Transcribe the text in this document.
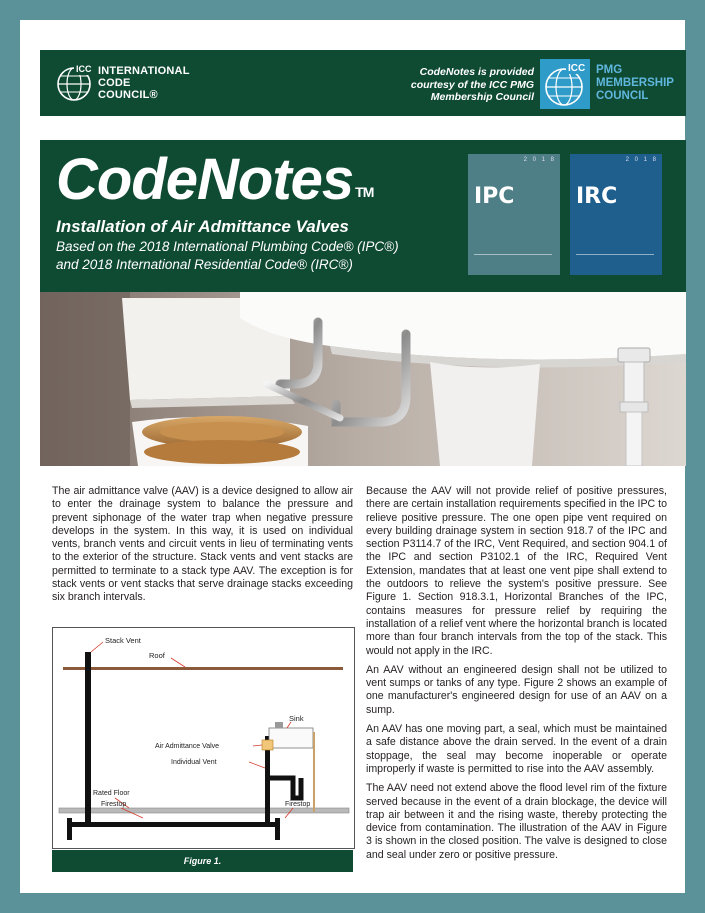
ICC INTERNATIONAL
CODE
COUNCIL®
CodeNotes is provided
courtesy of the ICC PMG
Membership Council
ICC PMG
MEMBERSHIP
COUNCIL
CodeNotes ™
Installation of Air Admittance Valves
Based on the 2018 International Plumbing Code® (IPC®)
and 2018 International Residential Code® (IRC®)
2 0 1 8
IPC
2 0 1 8
IRC

The air admittance valve (AAV) is a device designed to allow air to enter the drainage system to balance the pressure and prevent siphonage of the water trap when negative pressure develops in the system. In this way, it is used on individual vents, branch vents and circuit vents in lieu of terminating vents to the exterior of the structure. Stack vents and vent stacks are permitted to terminate to a stack type AAV. The exception is for stack vents or vent stacks that serve drainage stacks exceeding six branch intervals.

Because the AAV will not provide relief of positive pressures, there are certain installation requirements specified in the IPC to relieve positive pressure. The one open pipe vent required on every building drainage system in section 918.7 of the IPC and section P3114.7 of the IRC, Vent Required, and section 904.1 of the IPC and section P3102.1 of the IRC, Required Vent Extension, mandates that at least one vent pipe shall extend to the outdoors to relieve the system's positive pressure. See Figure 1. Section 918.3.1, Horizontal Branches of the IPC, contains measures for pressure relief by requiring the installation of a relief vent where the horizontal branch is located more than four branch intervals from the top of the stack. This would not apply in the IRC.

An AAV without an engineered design shall not be utilized to vent sumps or tanks of any type. Figure 2 shows an example of one manufacturer's engineered design for use of an AAV on a sump.

An AAV has one moving part, a seal, which must be maintained a safe distance above the drain served. In the event of a drain stoppage, the seal may become inoperable or operate improperly if waste is permitted to rise into the AAV assembly.

The AAV need not extend above the flood level rim of the fixture served because in the event of a drain blockage, the device will trap air between it and the rising waste, thereby protecting the device from contamination. The illustration of the AAV in Figure 3 is shown in the closed position. The valve is designed to close and seal under zero or positive pressure.

Stack Vent
Roof
Sink
Air Admittance Valve
Individual Vent
Rated Floor
Firestop	Firestop
Figure 1.
